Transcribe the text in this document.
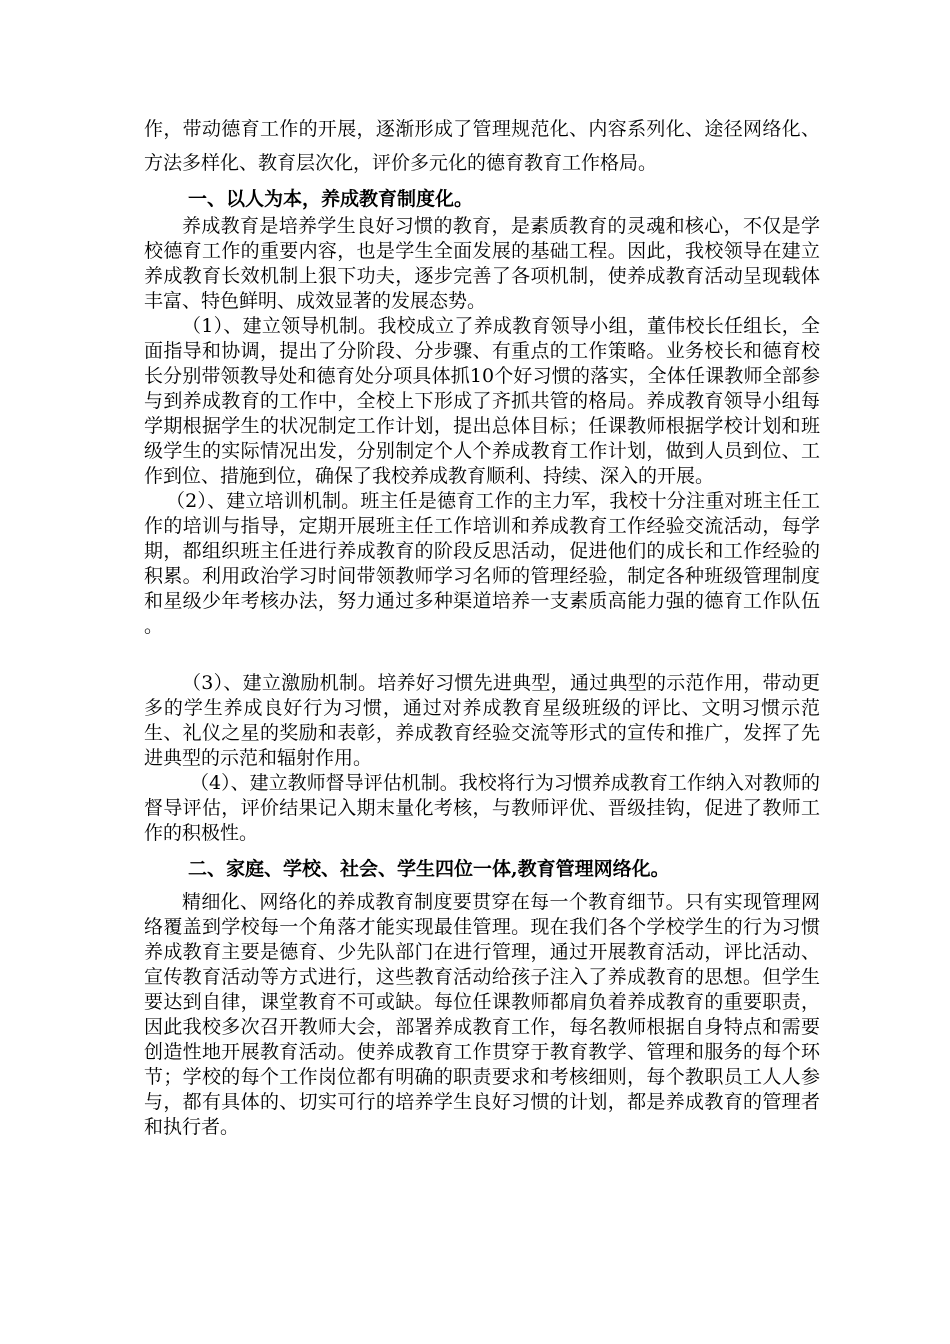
作，带动德育工作的开展，逐渐形成了管理规范化、内容系列化、途径网络化、方法多样化、教育层次化，评价多元化的德育教育工作格局。

一、以人为本，养成教育制度化。

养成教育是培养学生良好习惯的教育，是素质教育的灵魂和核心，不仅是学校德育工作的重要内容，也是学生全面发展的基础工程。因此，我校领导在建立养成教育长效机制上狠下功夫，逐步完善了各项机制，使养成教育活动呈现载体丰富、特色鲜明、成效显著的发展态势。

（1）、建立领导机制。我校成立了养成教育领导小组，董伟校长任组长，全面指导和协调，提出了分阶段、分步骤、有重点的工作策略。业务校长和德育校长分别带领教导处和德育处分项具体抓10个好习惯的落实，全体任课教师全部参与到养成教育的工作中，全校上下形成了齐抓共管的格局。养成教育领导小组每学期根据学生的状况制定工作计划，提出总体目标；任课教师根据学校计划和班级学生的实际情况出发，分别制定个人个养成教育工作计划，做到人员到位、工作到位、措施到位，确保了我校养成教育顺利、持续、深入的开展。

（2）、建立培训机制。班主任是德育工作的主力军，我校十分注重对班主任工作的培训与指导，定期开展班主任工作培训和养成教育工作经验交流活动，每学期，都组织班主任进行养成教育的阶段反思活动，促进他们的成长和工作经验的积累。利用政治学习时间带领教师学习名师的管理经验，制定各种班级管理制度和星级少年考核办法，努力通过多种渠道培养一支素质高能力强的德育工作队伍 。

（3）、建立激励机制。培养好习惯先进典型，通过典型的示范作用，带动更多的学生养成良好行为习惯，通过对养成教育星级班级的评比、文明习惯示范生、礼仪之星的奖励和表彰，养成教育经验交流等形式的宣传和推广，发挥了先进典型的示范和辐射作用。

（4）、建立教师督导评估机制。我校将行为习惯养成教育工作纳入对教师的督导评估，评价结果记入期末量化考核，与教师评优、晋级挂钩，促进了教师工作的积极性。

二、家庭、学校、社会、学生四位一体,教育管理网络化。

精细化、网络化的养成教育制度要贯穿在每一个教育细节。只有实现管理网络覆盖到学校每一个角落才能实现最佳管理。现在我们各个学校学生的行为习惯养成教育主要是德育、少先队部门在进行管理，通过开展教育活动，评比活动、宣传教育活动等方式进行，这些教育活动给孩子注入了养成教育的思想。但学生要达到自律，课堂教育不可或缺。每位任课教师都肩负着养成教育的重要职责，因此我校多次召开教师大会，部署养成教育工作，每名教师根据自身特点和需要创造性地开展教育活动。使养成教育工作贯穿于教育教学、管理和服务的每个环节；学校的每个工作岗位都有明确的职责要求和考核细则，每个教职员工人人参与，都有具体的、切实可行的培养学生良好习惯的计划，都是养成教育的管理者和执行者。
